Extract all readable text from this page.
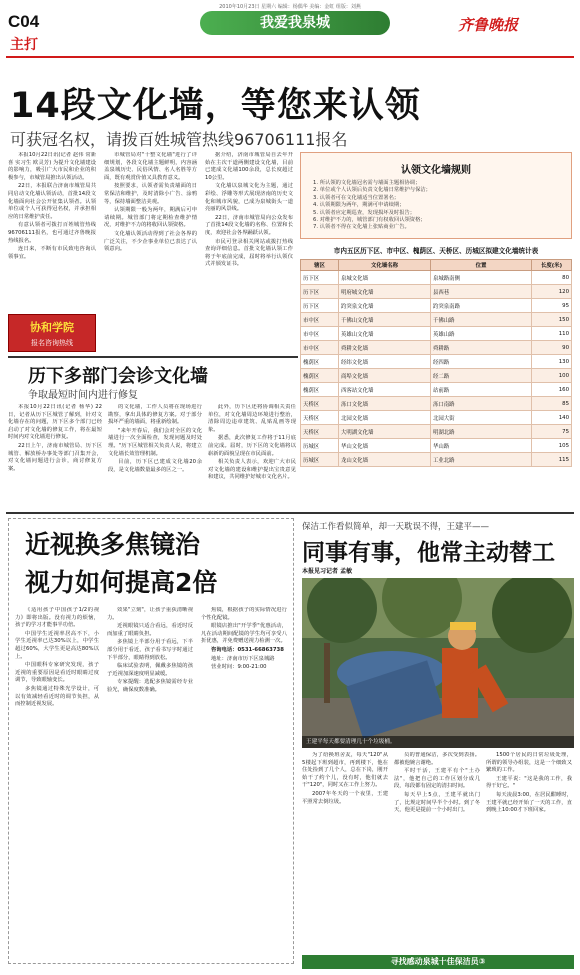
2010年10月23日 星期六 编辑：杨偶华 美编：金虹 组版：刘燕
C04
主打
我爱我泉城	齐鲁晚报
14段文化墙，等您来认领
可获冠名权，请拨百姓城管热线96706111报名

本报10月22日讯(记者 赵伟 常新喜 实习生 欧灵芳) 为提升文化墙建设的影响力，吸引广大市民和企业的积极参与，市城管局推出认领活动。

22日，本报联合济南市城管局共同启动文化墙认领活动，首批14段文化墙面向社会公开征集认领者。认领单位或个人可获得冠名权，并承担相应的日常维护责任。

有意认领者可拨打百姓城管热线96706111报名，也可通过齐鲁晚报热线报名。

连日来，不断有市民致电咨询认领事宜。

协和学院
报名咨询热线

市城管局对"十整文化墙"进行了详细规划，各段文化墙主题鲜明，内容涵盖泉城历史、民俗风情、名人名胜等方面，既有观赏价值又具教育意义。

按照要求，认领者需负责墙面的日常保洁和维护，及时清除小广告、涂鸦等，保持墙面整洁美观。

认领期限一般为两年，期满后可申请续期。城管部门将定期检查维护情况，对维护不力的将收回认领资格。

文化墙认领活动得到了社会各界的广泛关注，不少企事业单位已表达了认领意向。

据介绍，济南市城管局自去年开始在主次干道两侧建设文化墙，目前已建成文化墙100余段，总长度超过10公里。

文化墙以泉城文化为主题，通过彩绘、浮雕等形式展现济南的历史文化和城市风貌，已成为泉城街头一道亮丽的风景线。

22日，济南市城管局向公众发布了首批14段文化墙的名称、位置和长度，欢迎社会各界踊跃认领。

市民可登录相关网站或拨打热线查询详细信息。首批文化墙认领工作将于年底前完成，届时将举行认领仪式并颁发证书。

认领文化墙规则
1. 所认领的文化墙冠名需与墙面主题相协调；
2. 单位或个人认领后负责文化墙日常维护与保洁；
3. 认领者可在文化墙适当位置署名；
4. 认领期限为两年，期满可申请续期；
5. 认领者应定期巡查，发现损坏及时报告；
6. 对维护不力的，城管部门有权收回认领资格；
7. 认领者不得在文化墙上张贴商业广告。
市内五区历下区、市中区、槐荫区、天桥区、历城区拟建文化墙统计表
辖区	文化墙名称	位置	长度(米)
历下区	泉城文化墙	泉城路南侧	80
历下区	明府城文化墙	县西巷	120
历下区	趵突泉文化墙	趵突泉南路	95
市中区	千佛山文化墙	千佛山路	150
市中区	英雄山文化墙	英雄山路	110
市中区	舜耕文化墙	舜耕路	90
槐荫区	经纬文化墙	经四路	130
槐荫区	商埠文化墙	经二路	100
槐荫区	西客站文化墙	站前路	160
天桥区	泺口文化墙	泺口南路	85
天桥区	北园文化墙	北园大街	140
天桥区	大明湖文化墙	明湖北路	75
历城区	华山文化墙	华山路	105
历城区	龙山文化墙	工业北路	115
历下多部门会诊文化墙
争取最短时间内进行修复

本报10月22日讯(记者 杨华) 22日，记者从历下区城管了解到，针对文化墙存在的问题，历下区多个部门已经启动了对文化墙的修复工作，将在最短时间内对文化墙进行修复。

22日上午，济南市城管局、历下区城管、解放桥办事处等部门召集开会，对文化墙问题进行会诊，商讨修复方案。

的文化墙，工作人员将在现场进行勘察，拿出具体的修复方案。对于部分损坏严重的墙面，将重新绘制。

"来年开春后，我们会对全区的文化墙进行一次全面检查，发现问题及时处理。"历下区城管相关负责人说，将建立文化墙长效管理机制。

目前，历下区已建成文化墙20余段，是文化墙数量最多的区之一。

此外，历下区还将协调相关责任单位，对文化墙周边环境进行整治，清除周边违章建筑、乱贴乱画等现象。

据悉，此次修复工作将于11月底前完成。届时，历下区的文化墙将以崭新的面貌呈现在市民面前。

相关负责人表示，欢迎广大市民对文化墙的建设和维护提出宝贵意见和建议，共同维护好城市文化名片。

近视换多焦镜治
视力如何提高2倍

《适用孩子中国孩子1/2的视力》即将出版。没有视力的烦恼，孩子的学习才能事半功倍。

中国学生近视率居高不下，小学生近视率已达30%以上，中学生超过60%，大学生更是高达80%以上。

中国眼科专家研究发现，孩子近视的重要原因是看近时眼睛过度调节，导致眼轴变长。

多焦镜通过特殊光学设计，可以有效减轻看近时的调节负担，从而控制近视发展。

效果"立刻"，让孩子重获清晰视力。

近视眼镜只适合看远，看近时反而加重了眼睛负担。

多焦镜上半部分用于看远，下半部分用于看近，孩子看书写字时通过下半部分，眼睛得到放松。

临床试验表明，佩戴多焦镜的孩子近视加深速度明显减缓。

专家提醒：选配多焦镜需经专业验光，确保度数准确。

焦镜，根据孩子的实际情况进行个性化配镜。

眼镜店推出"开学季"优惠活动，凡在活动期间配镜的学生均可享受八折优惠，并免费赠送视力检测一次。

咨询电话：0531-66863738

地址：济南市历下区泉城路

营业时间：9:00-21:00

保洁工作看似简单，却一天耽误不得，王建平——
同事有事，他常主动替工
本报见习记者 孟敏
王建平每天都要清理几十个垃圾桶。

为了给换班舍友，每天"120"从5楼起下班到超市，再到楼下，他在住处捡到了几个人，总在下岗，刚开始干了约个儿，没有时，他们就去干"120"，同时又在工作上努力。

2007年冬天的一个夜里，王建平照常去倒垃圾。

员的普通保洁，多次受到表扬。都被他婉言谢绝。

平时干活，王建平有个"土办法"，他把自己的工作区划分成几段，每段都有固定的清扫时间。

每天早上5点，王建平就出门了，比规定时间早半个小时。到了冬天，他更是提前一个小时出门。

1500个居民的日常垃圾处理，所谓的领导办组装，这是一个细致又繁琐的工作。

王建平说："这是我的工作，我得干好它。"

每天凌晨3:00，在居民酣睡时，王建平就已经开始了一天的工作，直到晚上10:00才下班回家。

寻找感动泉城十佳保洁员③
